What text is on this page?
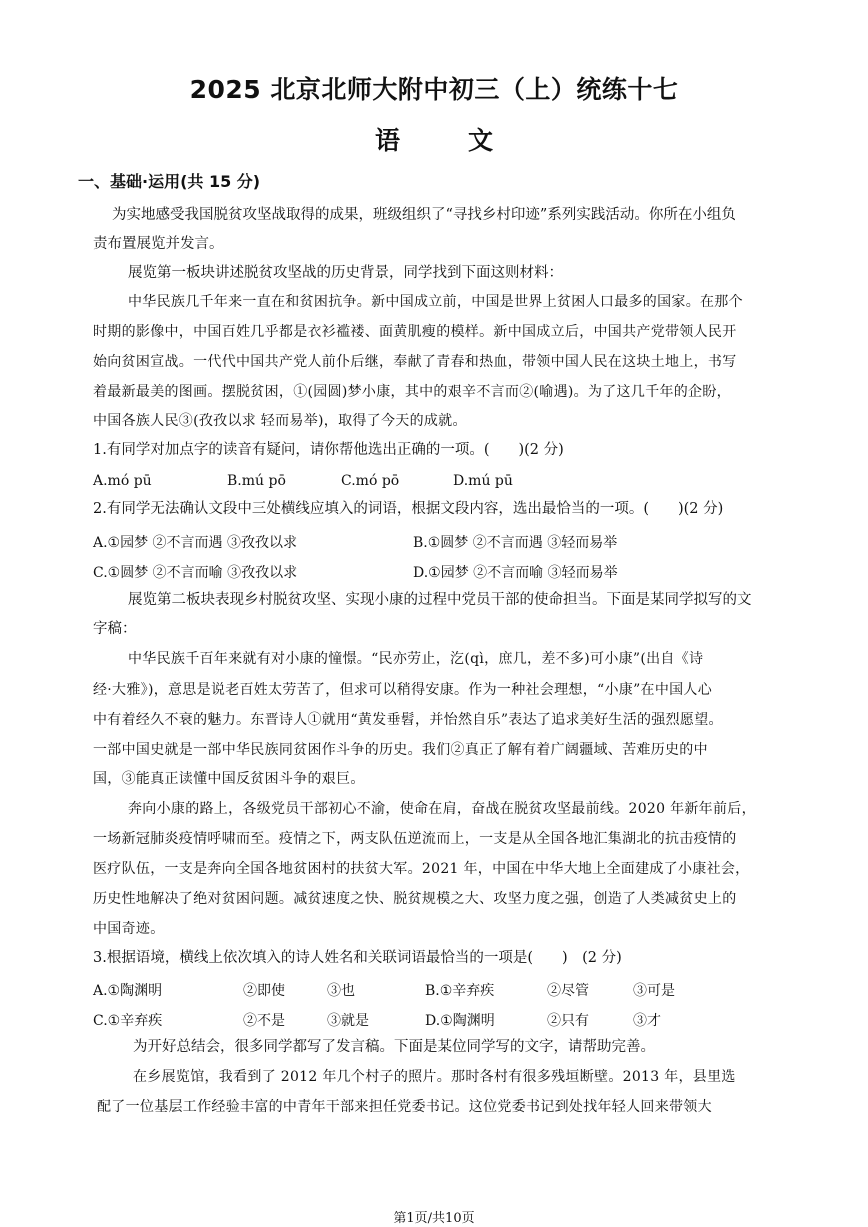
2025 北京北师大附中初三（上）统练十七
语	文
一、基础·运用(共 15 分)
为实地感受我国脱贫攻坚战取得的成果，班级组织了“寻找乡村印迹”系列实践活动。你所在小组负
责布置展览并发言。
展览第一板块讲述脱贫攻坚战的历史背景，同学找到下面这则材料：
中华民族几千年来一直在和贫困抗争。新中国成立前，中国是世界上贫困人口最多的国家。在那个
时期的影像中，中国百姓几乎都是衣衫褴褛、面黄肌瘦的模样。新中国成立后，中国共产党带领人民开
始向贫困宣战。一代代中国共产党人前仆后继，奉献了青春和热血，带领中国人民在这块土地上，书写
着最新最美的图画。摆脱贫困，①(园圆)梦小康，其中的艰辛不言而②(喻遇)。为了这几千年的企盼，
中国各族人民③(孜孜以求 轻而易举)，取得了今天的成就。
1.有同学对加点字的读音有疑问，请你帮他选出正确的一项。(　　)(2 分)
A.mó pū	B.mú pō	C.mó pō	D.mú pū
2.有同学无法确认文段中三处横线应填入的词语，根据文段内容，选出最恰当的一项。(　　)(2 分)
A.①园梦 ②不言而遇 ③孜孜以求	B.①圆梦 ②不言而遇 ③轻而易举
C.①圆梦 ②不言而喻 ③孜孜以求	D.①园梦 ②不言而喻 ③轻而易举
展览第二板块表现乡村脱贫攻坚、实现小康的过程中党员干部的使命担当。下面是某同学拟写的文
字稿：
中华民族千百年来就有对小康的憧憬。“民亦劳止，汔(qì，庶几，差不多)可小康”(出自《诗
经·大雅》)，意思是说老百姓太劳苦了，但求可以稍得安康。作为一种社会理想，“小康”在中国人心
中有着经久不衰的魅力。东晋诗人①就用“黄发垂髫，并怡然自乐”表达了追求美好生活的强烈愿望。
一部中国史就是一部中华民族同贫困作斗争的历史。我们②真正了解有着广阔疆域、苦难历史的中
国，③能真正读懂中国反贫困斗争的艰巨。
奔向小康的路上，各级党员干部初心不渝，使命在肩，奋战在脱贫攻坚最前线。2020 年新年前后，
一场新冠肺炎疫情呼啸而至。疫情之下，两支队伍逆流而上，一支是从全国各地汇集湖北的抗击疫情的
医疗队伍，一支是奔向全国各地贫困村的扶贫大军。2021 年，中国在中华大地上全面建成了小康社会，
历史性地解决了绝对贫困问题。减贫速度之快、脱贫规模之大、攻坚力度之强，创造了人类减贫史上的
中国奇迹。
3.根据语境，横线上依次填入的诗人姓名和关联词语最恰当的一项是(　　)　(2 分)
A.①陶渊明	②即使	③也	B.①辛弃疾	②尽管	③可是
C.①辛弃疾	②不是	③就是	D.①陶渊明	②只有	③才
为开好总结会，很多同学都写了发言稿。下面是某位同学写的文字，请帮助完善。
在乡展览馆，我看到了 2012 年几个村子的照片。那时各村有很多残垣断壁。2013 年，县里选
配了一位基层工作经验丰富的中青年干部来担任党委书记。这位党委书记到处找年轻人回来带领大
第1页/共10页
